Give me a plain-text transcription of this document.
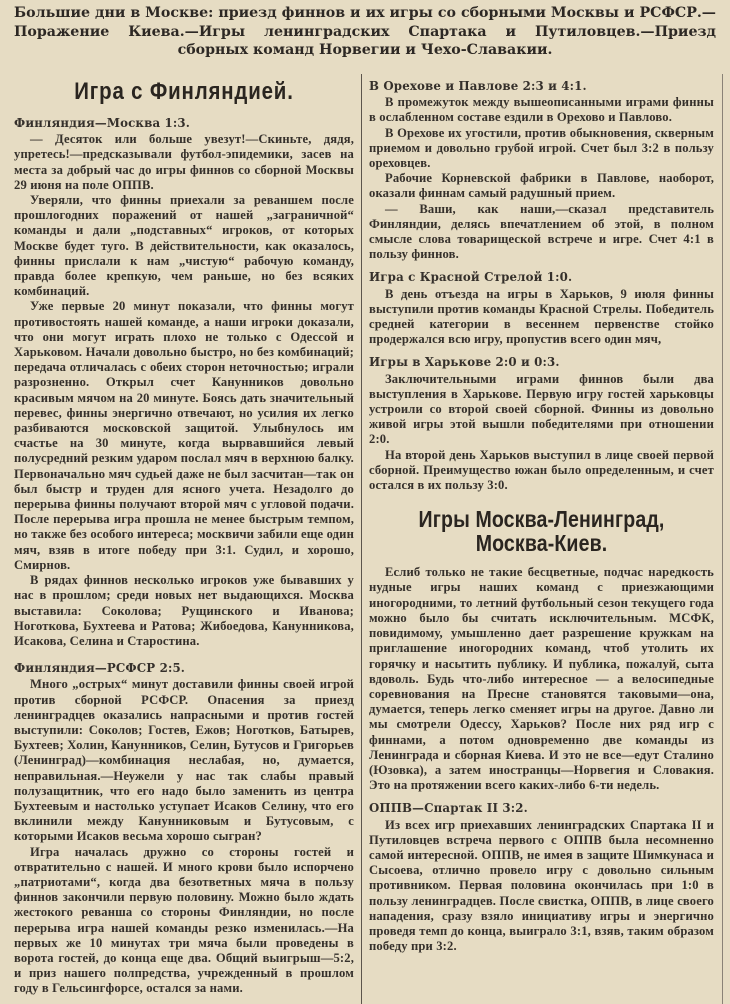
Большие дни в Москве: приезд финнов и их игры со сборными Москвы и РСФСР.—Поражение Киева.—Игры ленинградских Спартака и Путиловцев.—Приезд сборных команд Норвегии и Чехо-Славакии.
Игра с Финляндией.
Финляндия—Москва 1:3.

— Десяток или больше увезут!—Скиньте, дядя, упретесь!—предсказывали футбол-эпидемики, засев на места за добрый час до игры финнов со сборной Москвы 29 июня на поле ОППВ.

Уверяли, что финны приехали за реваншем после прошлогодних поражений от нашей „заграничной“ команды и дали „подставных“ игроков, от которых Москве будет туго. В действительности, как оказалось, финны прислали к нам „чистую“ рабочую команду, правда более крепкую, чем раньше, но без всяких комбинаций.

Уже первые 20 минут показали, что финны могут противостоять нашей команде, а наши игроки доказали, что они могут играть плохо не только с Одессой и Харьковом. Начали довольно быстро, но без комбинаций; передача отличалась с обеих сторон неточностью; играли разрозненно. Открыл счет Канунников довольно красивым мячом на 20 минуте. Боясь дать значительный перевес, финны энергично отвечают, но усилия их легко разбиваются московской защитой. Улыбнулось им счастье на 30 минуте, когда вырвавшийся левый полусредний резким ударом послал мяч в верхнюю балку. Первоначально мяч судьей даже не был засчитан—так он был быстр и труден для ясного учета. Незадолго до перерыва финны получают второй мяч с угловой подачи. После перерыва игра прошла не менее быстрым темпом, но также без особого интереса; москвичи забили еще один мяч, взяв в итоге победу при 3:1. Судил, и хорошо, Смирнов.

В рядах финнов несколько игроков уже бывавших у нас в прошлом; среди новых нет выдающихся. Москва выставила: Соколова; Рущинского и Иванова; Ноготкова, Бухтеева и Ратова; Жибоедова, Канунникова, Исакова, Селина и Старостина.

Финляндия—РСФСР 2:5.

Много „острых“ минут доставили финны своей игрой против сборной РСФСР. Опасения за приезд ленинградцев оказались напрасными и против гостей выступили: Соколов; Гостев, Ежов; Ноготков, Батырев, Бухтеев; Холин, Канунников, Селин, Бутусов и Григорьев (Ленинград)—комбинация неслабая, но, думается, неправильная.—Неужели у нас так слабы правый полузащитник, что его надо было заменить из центра Бухтеевым и настолько уступает Исаков Селину, что его вклинили между Канунниковым и Бутусовым, с которыми Исаков весьма хорошо сыгран?

Игра началась дружно со стороны гостей и отвратительно с нашей. И много крови было испорчено „патриотами“, когда два безответных мяча в пользу финнов закончили первую половину. Можно было ждать жестокого реванша со стороны Финляндии, но после перерыва игра нашей команды резко изменилась.—На первых же 10 минутах три мяча были проведены в ворота гостей, до конца еще два. Общий выигрыш—5:2, и приз нашего полпредства, учрежденный в прошлом году в Гельсингфорсе, остался за нами.

В Орехове и Павлове 2:3 и 4:1.

В промежуток между вышеописанными играми финны в ослабленном составе ездили в Орехово и Павлово.

В Орехове их угостили, против обыкновения, скверным приемом и довольно грубой игрой. Счет был 3:2 в пользу ореховцев.

Рабочие Корневской фабрики в Павлове, наоборот, оказали финнам самый радушный прием.

— Ваши, как наши,—сказал представитель Финляндии, делясь впечатлением об этой, в полном смысле слова товарищеской встрече и игре. Счет 4:1 в пользу финнов.

Игра с Красной Стрелой 1:0.

В день отъезда на игры в Харьков, 9 июля финны выступили против команды Красной Стрелы. Победитель средней категории в весеннем первенстве стойко продержался всю игру, пропустив всего один мяч,

Игры в Харькове 2:0 и 0:3.

Заключительными играми финнов были два выступления в Харькове. Первую игру гостей харьковцы устроили со второй своей сборной. Финны из довольно живой игры этой вышли победителями при отношении 2:0.

На второй день Харьков выступил в лице своей первой сборной. Преимущество южан было определенным, и счет остался в их пользу 3:0.

Игры Москва-Ленинград,
Москва-Киев.

Еслиб только не такие бесцветные, подчас наредкость нудные игры наших команд с приезжающими иногородними, то летний футбольный сезон текущего года можно было бы считать исключительным. МСФК, повидимому, умышленно дает разрешение кружкам на приглашение иногородних команд, чтоб утолить их горячку и насытить публику. И публика, пожалуй, сыта вдоволь. Будь что-либо интересное — а велосипедные соревнования на Пресне становятся таковыми—она, думается, теперь легко сменяет игры на другое. Давно ли мы смотрели Одессу, Харьков? После них ряд игр с финнами, а потом одновременно две команды из Ленинграда и сборная Киева. И это не все—едут Сталино (Юзовка), а затем иностранцы—Норвегия и Словакия. Это на протяжении всего каких-либо 6-ти недель.

ОППВ—Спартак II 3:2.

Из всех игр приехавших ленинградских Спартака II и Путиловцев встреча первого с ОППВ была несомненно самой интересной. ОППВ, не имея в защите Шимкунаса и Сысоева, отлично провело игру с довольно сильным противником. Первая половина окончилась при 1:0 в пользу ленинградцев. После свистка, ОППВ, в лице своего нападения, сразу взяло инициативу игры и энергично проведя темп до конца, выиграло 3:1, взяв, таким образом победу при 3:2.
